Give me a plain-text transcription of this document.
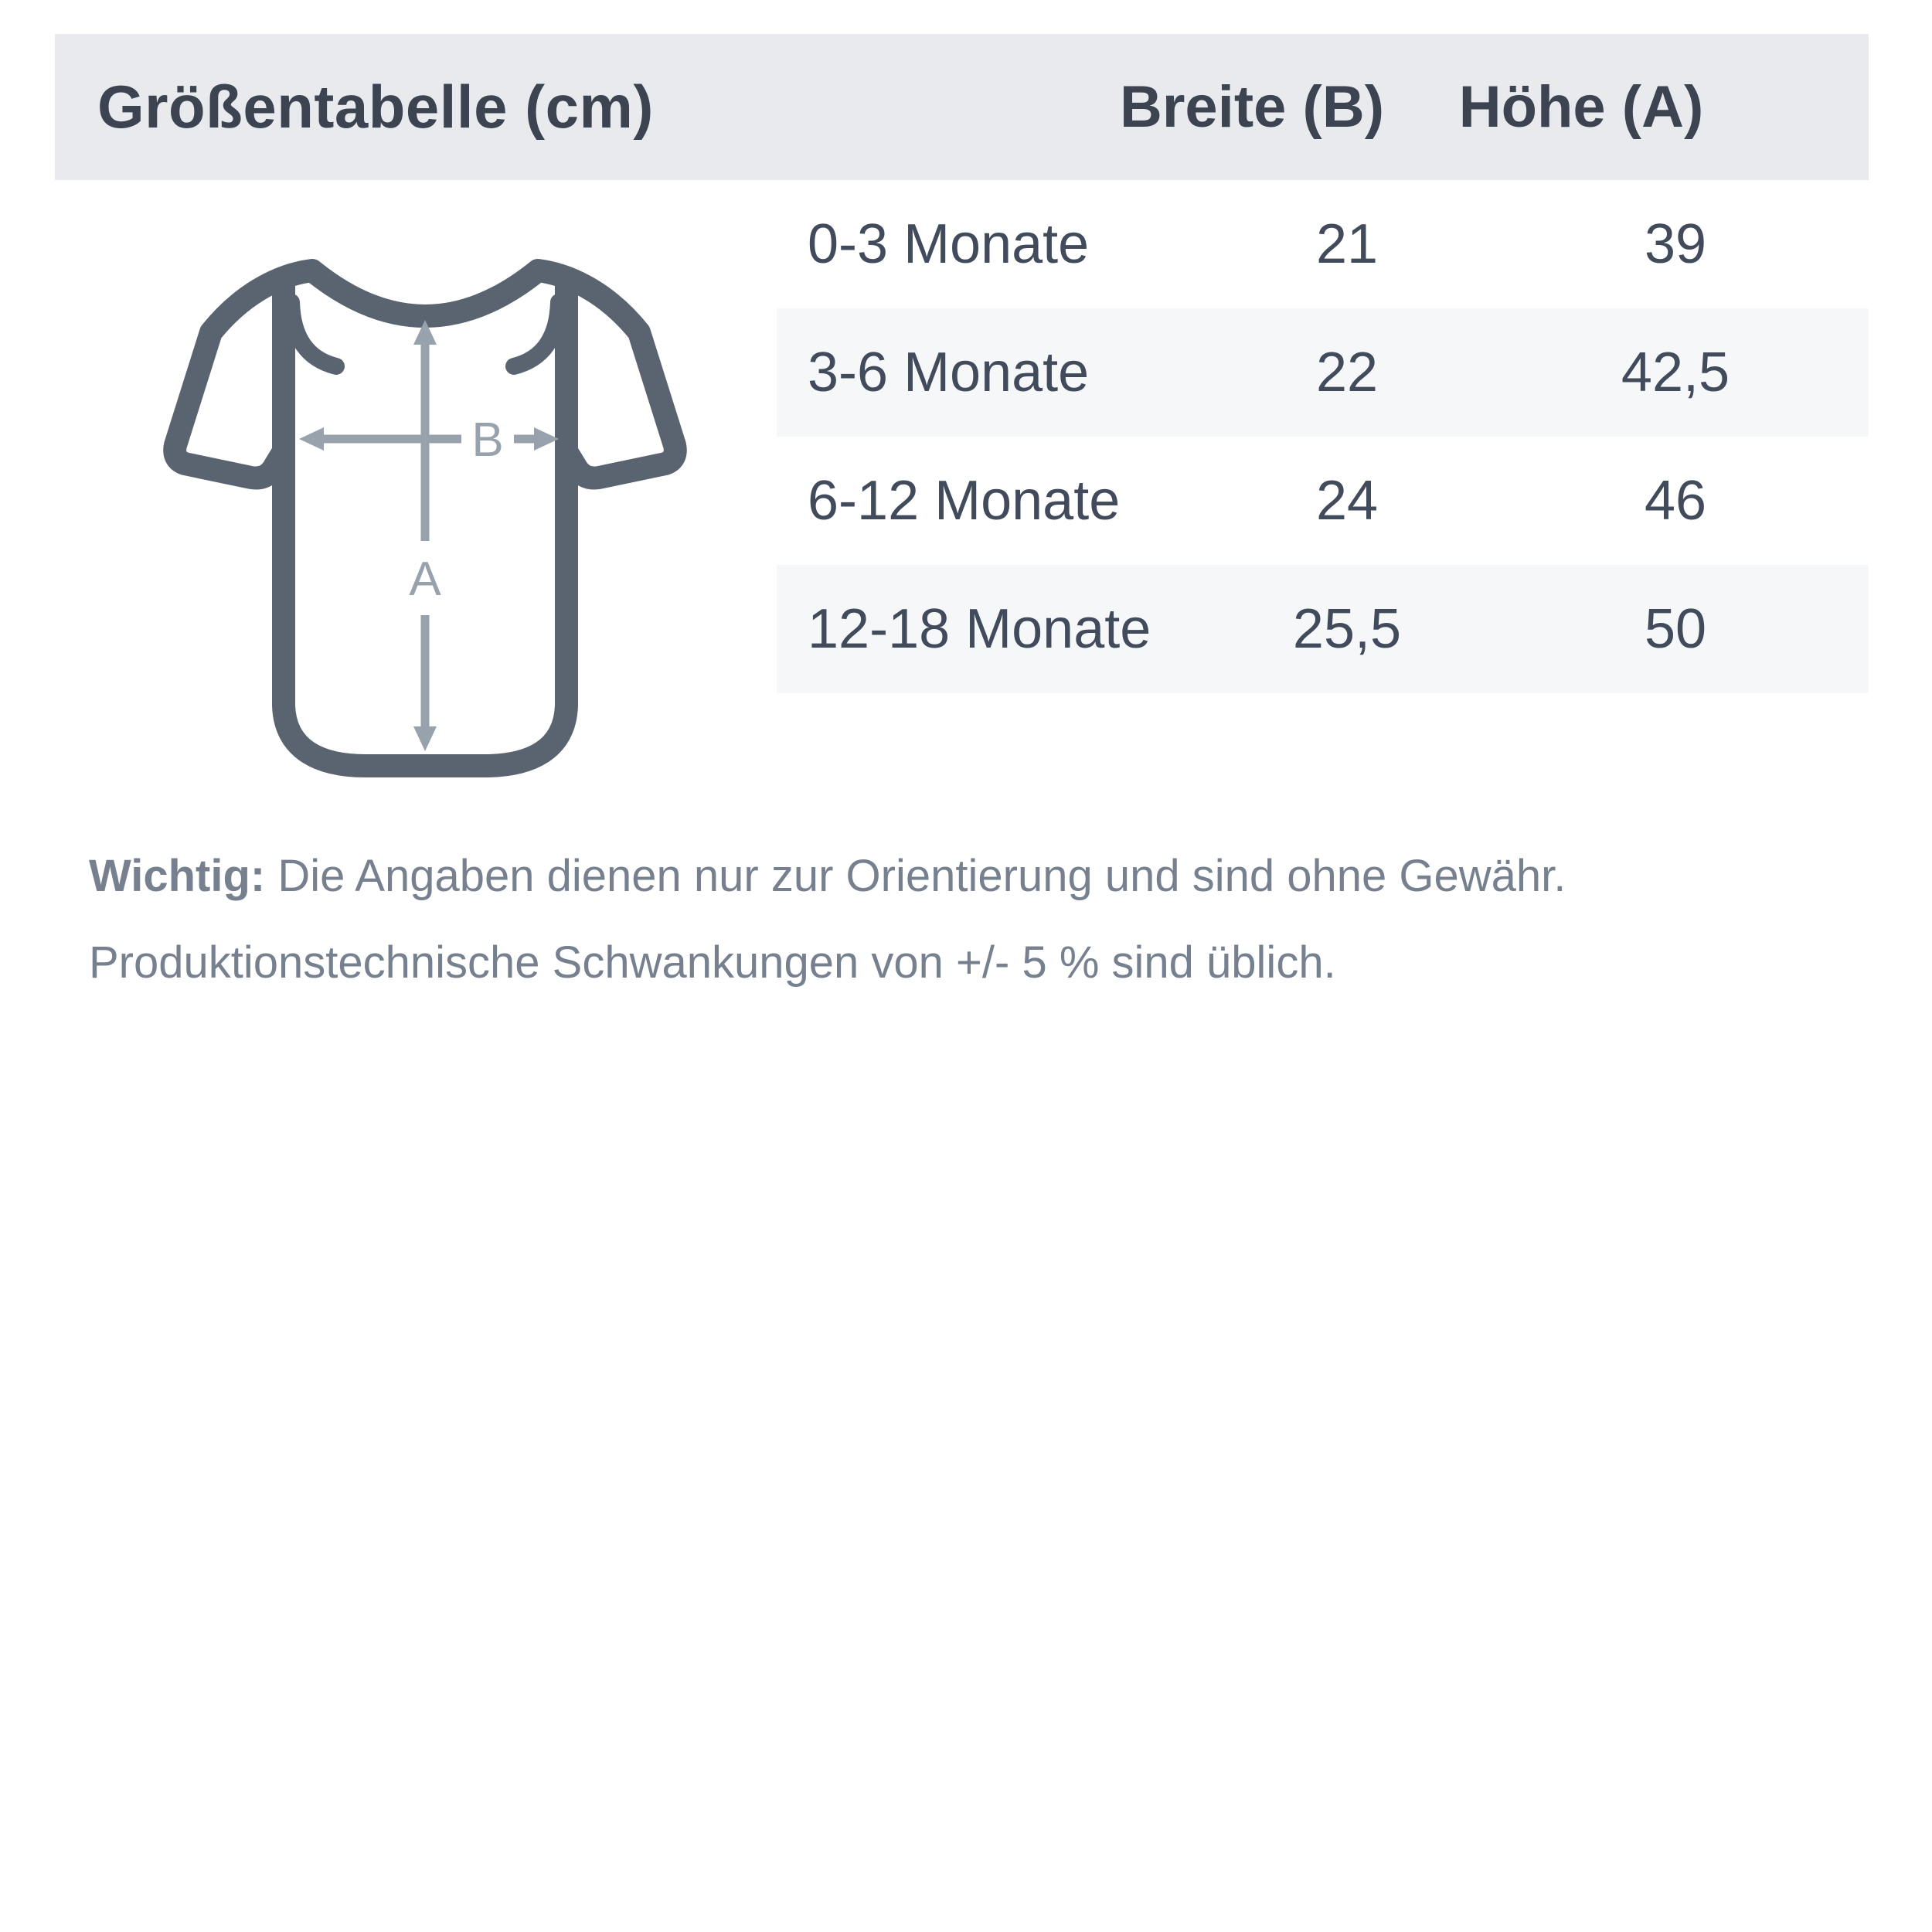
Größentabelle (cm)	Breite (B)	Höhe (A)
A
B
0-3 Monate	21	39
3-6 Monate	22	42,5
6-12 Monate	24	46
12-18 Monate	25,5	50
Wichtig: Die Angaben dienen nur zur Orientierung und sind ohne Gewähr.
Produktionstechnische Schwankungen von +/- 5 % sind üblich.
